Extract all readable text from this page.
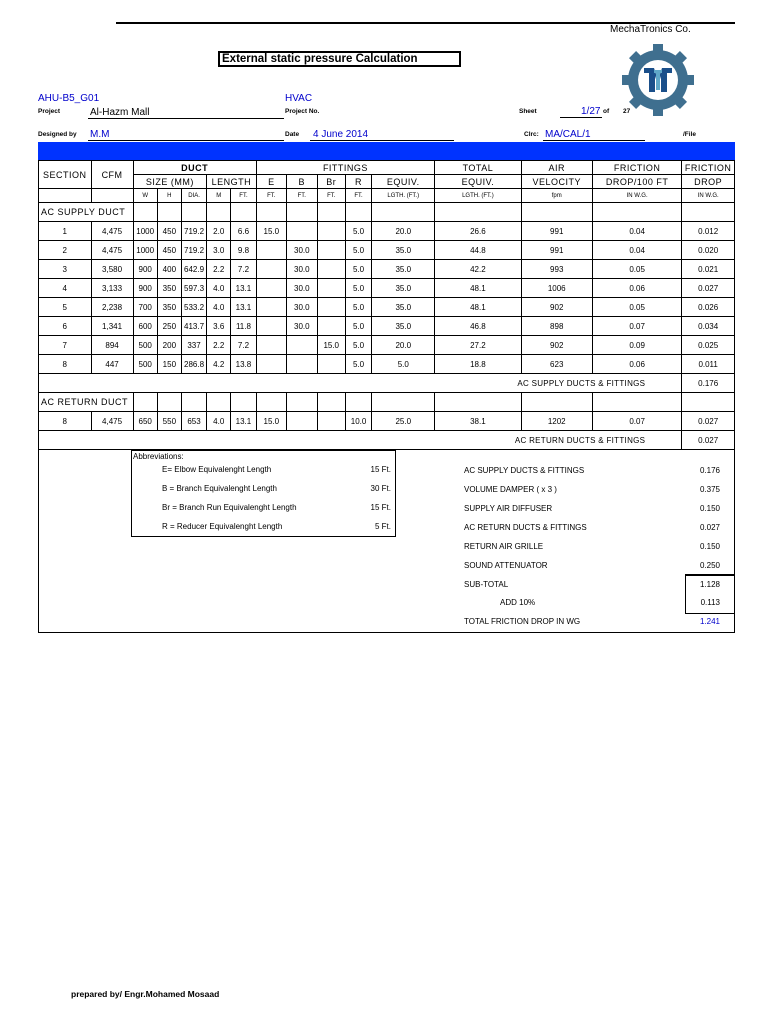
MechaTronics Co.
External static pressure Calculation
AHU-B5_G01	HVAC
Project	Al-Hazm Mall	Project No.	Sheet	1/27 of 27
Designed by M.M	Date 4 June 2014	Clrc: MA/CAL/1	/File
SECTION	CFM	DUCT					FITTINGS					TOTAL	AIR	FRICTION	FRICTION
		SIZE (MM)			LENGTH		E	B	Br	R	EQUIV.	EQUIV.	VELOCITY	DROP/100 FT	DROP
		W	H	DIA.	M	FT.	FT.	FT.	FT.	FT.	LGTH. (FT.)	LGTH. (FT.)	fpm	IN W.G.	IN W.G.
AC SUPPLY DUCT															
1	4,475	1000	450	719.2	2.0	6.6	15.0			5.0	20.0	26.6	991	0.04	0.012
2	4,475	1000	450	719.2	3.0	9.8		30.0		5.0	35.0	44.8	991	0.04	0.020
3	3,580	900	400	642.9	2.2	7.2		30.0		5.0	35.0	42.2	993	0.05	0.021
4	3,133	900	350	597.3	4.0	13.1		30.0		5.0	35.0	48.1	1006	0.06	0.027
5	2,238	700	350	533.2	4.0	13.1		30.0		5.0	35.0	48.1	902	0.05	0.026
6	1,341	600	250	413.7	3.6	11.8		30.0		5.0	35.0	46.8	898	0.07	0.034
7	894	500	200	337	2.2	7.2			15.0	5.0	20.0	27.2	902	0.09	0.025
8	447	500	150	286.8	4.2	13.8				5.0	5.0	18.8	623	0.06	0.011
AC SUPPLY DUCTS & FITTINGS															0.176
AC RETURN DUCT															
8	4,475	650	550	653	4.0	13.1	15.0			10.0	25.0	38.1	1202	0.07	0.027
AC RETURN DUCTS & FITTINGS															0.027
Abbreviations:
E= Elbow Equivalenght Length	15 Ft.
B = Branch Equivalenght Length	30 Ft.
Br = Branch Run Equivalenght Length	15 Ft.
R = Reducer Equivalenght Length	5 Ft.
AC SUPPLY DUCTS & FITTINGS	0.176
VOLUME DAMPER ( x 3 )	0.375
SUPPLY AIR DIFFUSER	0.150
AC RETURN DUCTS & FITTINGS	0.027
RETURN AIR GRILLE	0.150
SOUND ATTENUATOR	0.250
SUB-TOTAL	1.128
ADD 10%	0.113
TOTAL FRICTION DROP IN WG	1.241
prepared by/ Engr.Mohamed Mosaad
